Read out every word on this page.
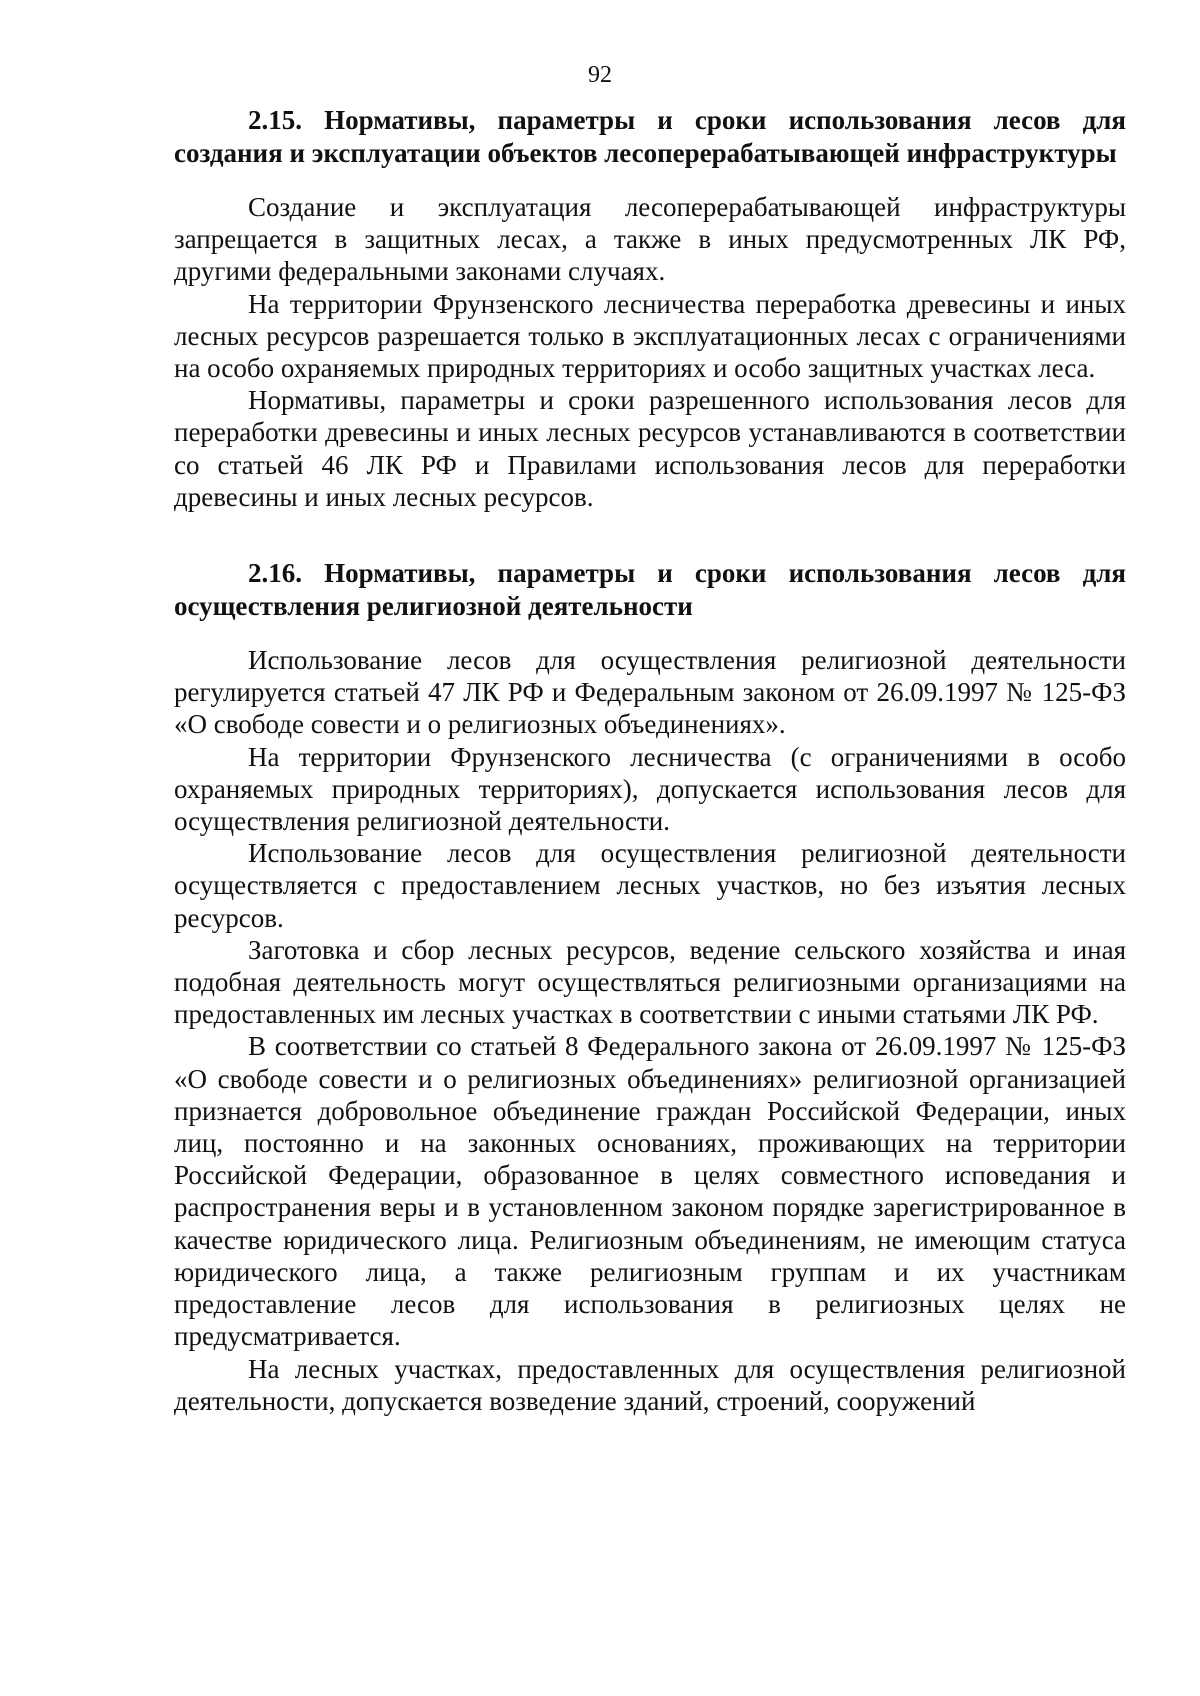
92
2.15. Нормативы, параметры и сроки использования лесов для создания и эксплуатации объектов лесоперерабатывающей инфраструктуры

Создание и эксплуатация лесоперерабатывающей инфраструктуры запрещается в защитных лесах, а также в иных предусмотренных ЛК РФ, другими федеральными законами случаях.

На территории Фрунзенского лесничества переработка древесины и иных лесных ресурсов разрешается только в эксплуатационных лесах с ограничениями на особо охраняемых природных территориях и особо защитных участках леса.

Нормативы, параметры и сроки разрешенного использования лесов для переработки древесины и иных лесных ресурсов устанавливаются в соответствии со статьей 46 ЛК РФ и Правилами использования лесов для переработки древесины и иных лесных ресурсов.

2.16. Нормативы, параметры и сроки использования лесов для осуществления религиозной деятельности

Использование лесов для осуществления религиозной деятельности регулируется статьей 47 ЛК РФ и Федеральным законом от 26.09.1997 № 125-ФЗ «О свободе совести и о религиозных объединениях».

На территории Фрунзенского лесничества (с ограничениями в особо охраняемых природных территориях), допускается использования лесов для осуществления религиозной деятельности.

Использование лесов для осуществления религиозной деятельности осуществляется с предоставлением лесных участков, но без изъятия лесных ресурсов.

Заготовка и сбор лесных ресурсов, ведение сельского хозяйства и иная подобная деятельность могут осуществляться религиозными организациями на предоставленных им лесных участках в соответствии с иными статьями ЛК РФ.

В соответствии со статьей 8 Федерального закона от 26.09.1997 № 125-ФЗ «О свободе совести и о религиозных объединениях» религиозной организацией признается добровольное объединение граждан Российской Федерации, иных лиц, постоянно и на законных основаниях, проживающих на территории Российской Федерации, образованное в целях совместного исповедания и распространения веры и в установленном законом порядке зарегистрированное в качестве юридического лица. Религиозным объединениям, не имеющим статуса юридического лица, а также религиозным группам и их участникам предоставление лесов для использования в религиозных целях не предусматривается.

На лесных участках, предоставленных для осуществления религиозной деятельности, допускается возведение зданий, строений, сооружений
